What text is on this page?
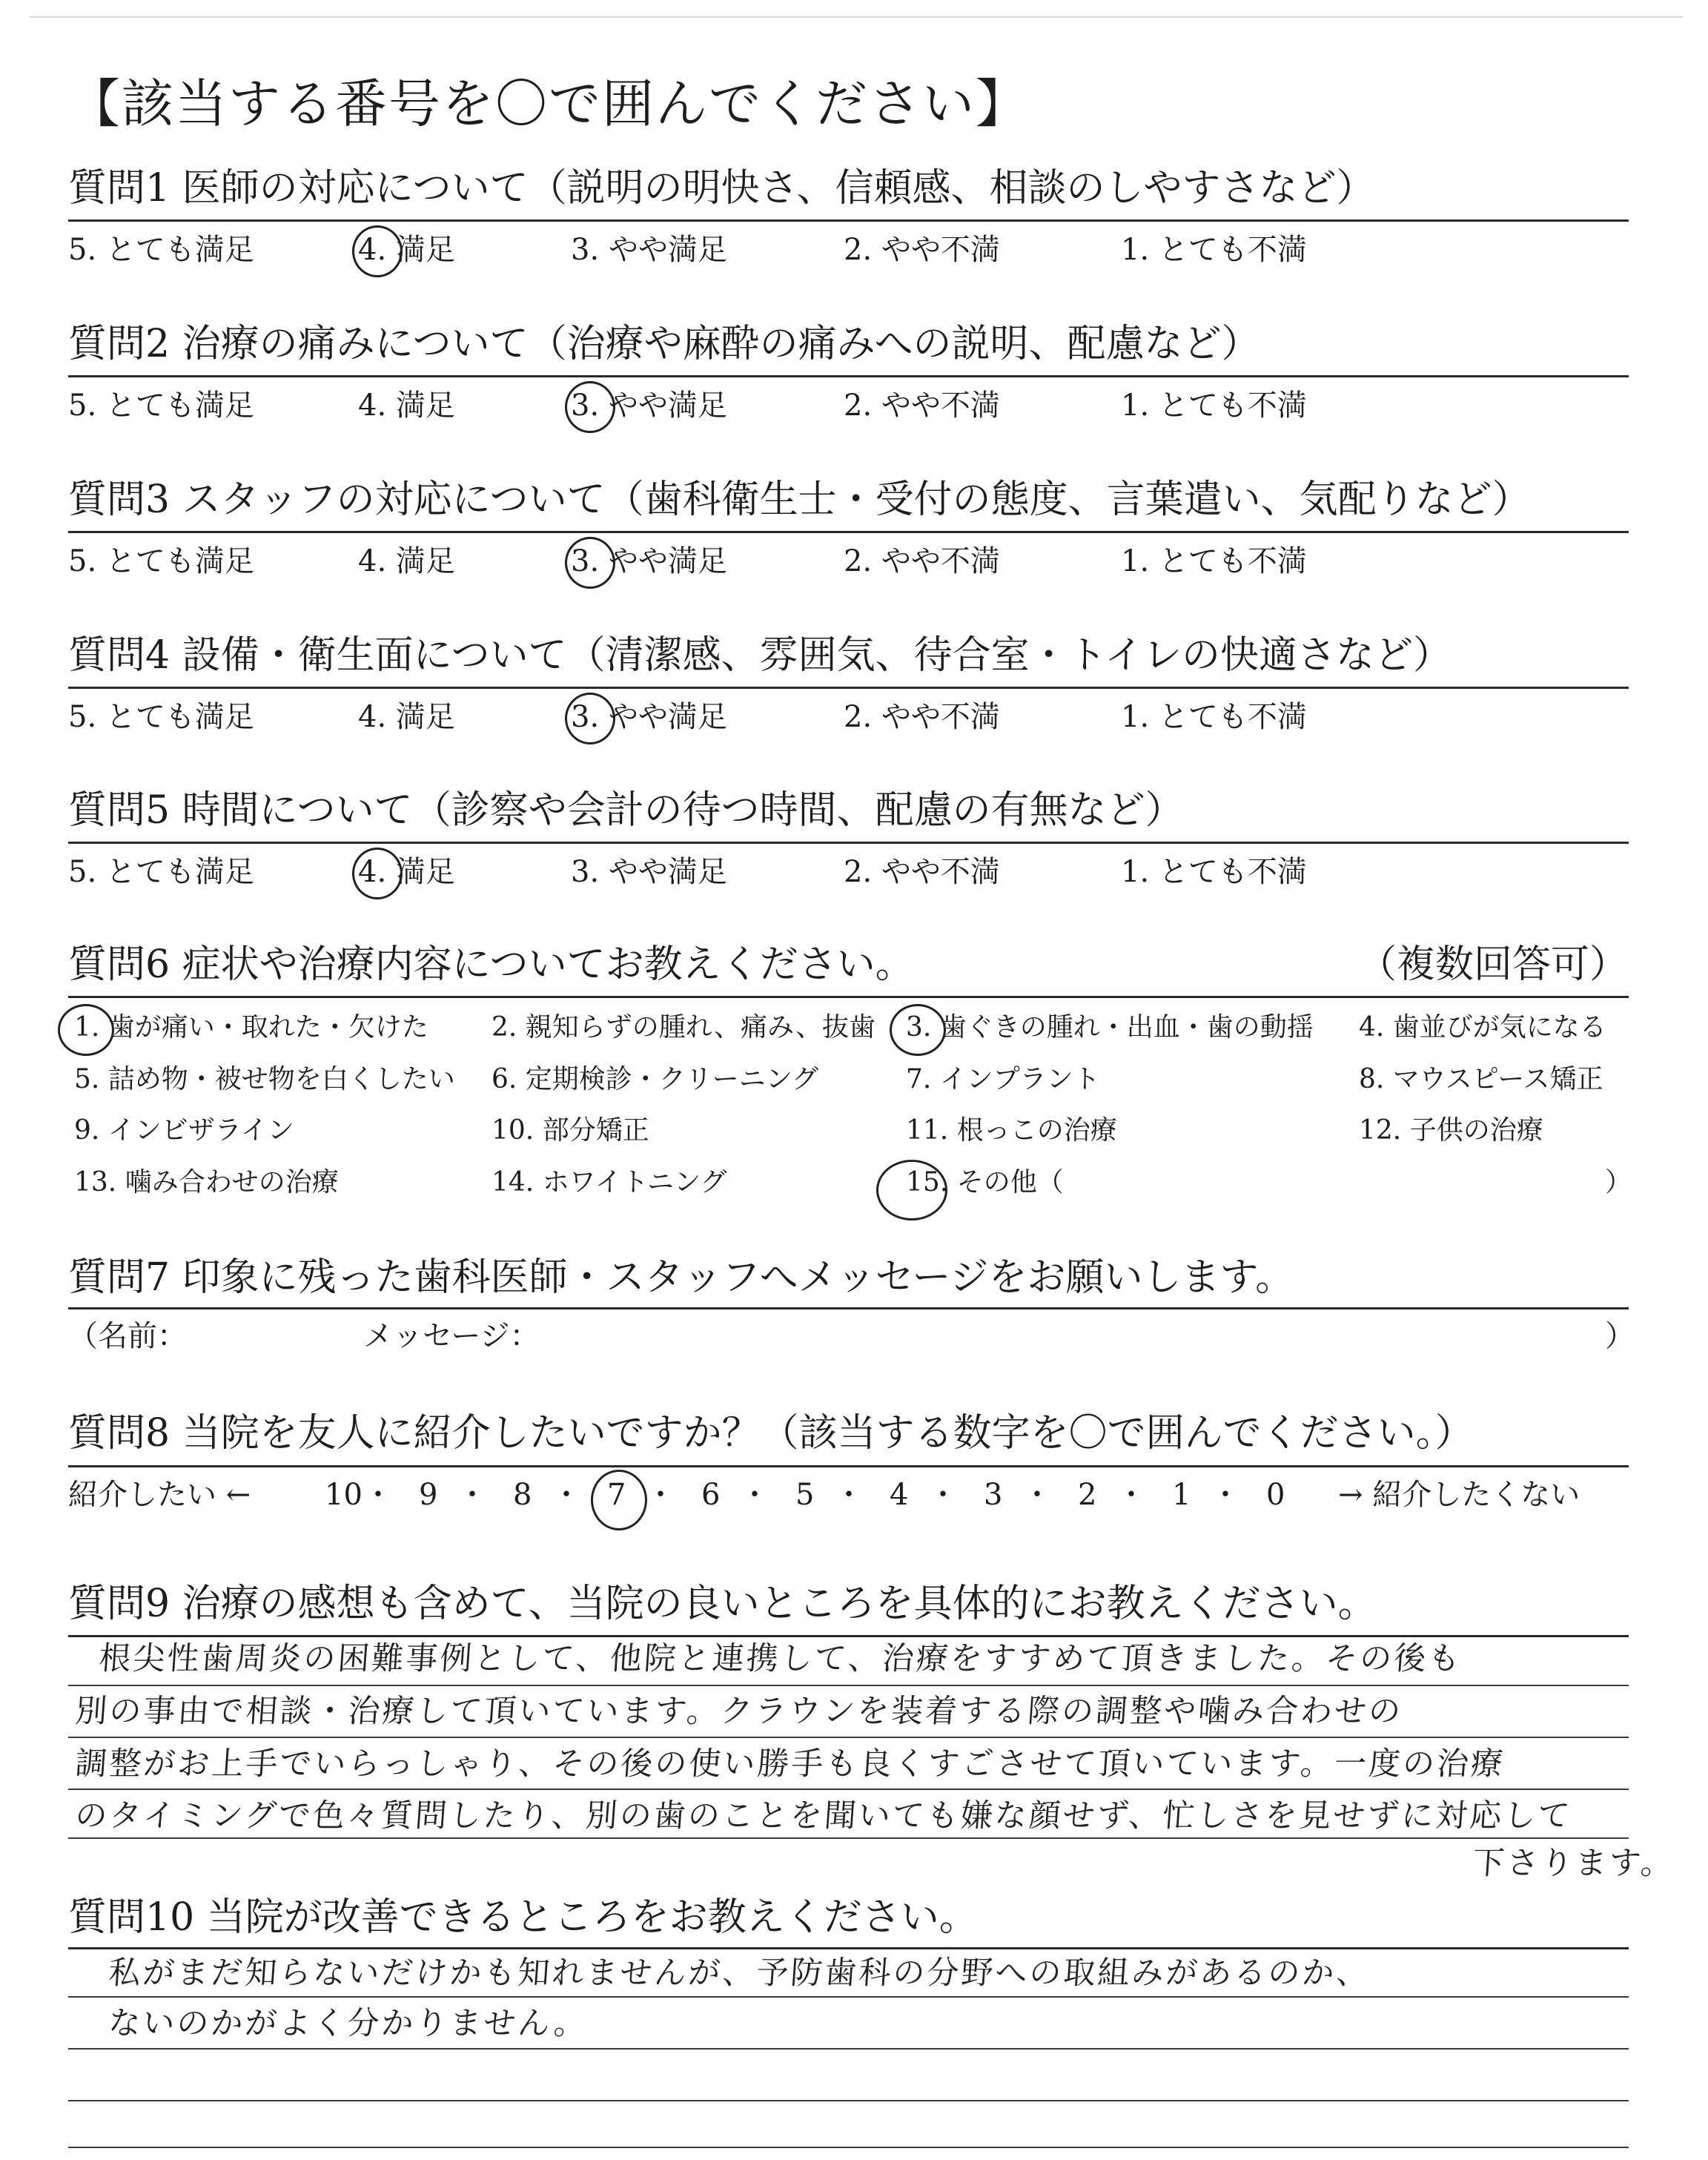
【該当する番号を〇で囲んでください】
質問1 医師の対応について（説明の明快さ、信頼感、相談のしやすさなど）
5. とても満足	4. 満足	3. やや満足	2. やや不満	1. とても不満
質問2 治療の痛みについて（治療や麻酔の痛みへの説明、配慮など）
5. とても満足	4. 満足	3. やや満足	2. やや不満	1. とても不満
質問3 スタッフの対応について（歯科衛生士・受付の態度、言葉遣い、気配りなど）
5. とても満足	4. 満足	3. やや満足	2. やや不満	1. とても不満
質問4 設備・衛生面について（清潔感、雰囲気、待合室・トイレの快適さなど）
5. とても満足	4. 満足	3. やや満足	2. やや不満	1. とても不満
質問5 時間について（診察や会計の待つ時間、配慮の有無など）
5. とても満足	4. 満足	3. やや満足	2. やや不満	1. とても不満
質問6 症状や治療内容についてお教えください。	（複数回答可）
1. 歯が痛い・取れた・欠けた 2. 親知らずの腫れ、痛み、抜歯 3. 歯ぐきの腫れ・出血・歯の動揺 4. 歯並びが気になる
5. 詰め物・被せ物を白くしたい 6. 定期検診・クリーニング	7. インプラント	8. マウスピース矯正
9. インビザライン	10. 部分矯正	11. 根っこの治療	12. 子供の治療
13. 噛み合わせの治療	14. ホワイトニング	15. その他（	）
質問7 印象に残った歯科医師・スタッフへメッセージをお願いします。
（名前：	メッセージ：	）
質問8 当院を友人に紹介したいですか？（該当する数字を〇で囲んでください。）
紹介したい ←	→ 紹介したくない
10 ・ 9 ・ 8 ・ 7 ・ 6 ・ 5 ・ 4 ・ 3 ・ 2 ・ 1 ・ 0
質問9 治療の感想も含めて、当院の良いところを具体的にお教えください。
根尖性歯周炎の困難事例として、他院と連携して、治療をすすめて頂きました。その後も
別の事由で相談・治療して頂いています。クラウンを装着する際の調整や噛み合わせの
調整がお上手でいらっしゃり、その後の使い勝手も良くすごさせて頂いています。一度の治療
のタイミングで色々質問したり、別の歯のことを聞いても嫌な顔せず、忙しさを見せずに対応して
下さります。
質問10 当院が改善できるところをお教えください。
私がまだ知らないだけかも知れませんが、予防歯科の分野への取組みがあるのか、
ないのかがよく分かりません。
